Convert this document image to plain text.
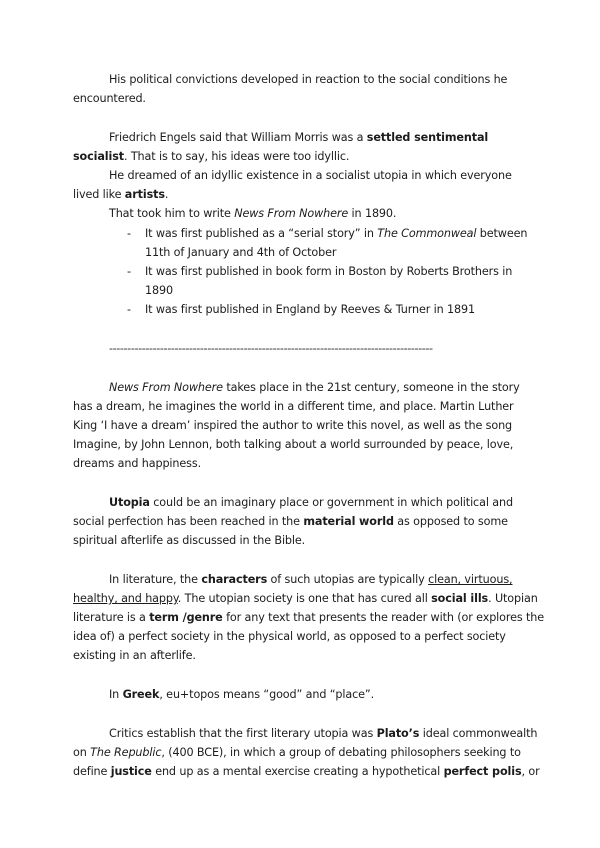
His political convictions developed in reaction to the social conditions he
encountered.
Friedrich Engels said that William Morris was a settled sentimental
socialist. That is to say, his ideas were too idyllic.
He dreamed of an idyllic existence in a socialist utopia in which everyone
lived like artists.
That took him to write News From Nowhere in 1890.
- It was first published as a “serial story” in The Commonweal between
11th of January and 4th of October
- It was first published in book form in Boston by Roberts Brothers in
1890
- It was first published in England by Reeves & Turner in 1891
-----------------------------------------------------------------------------------------
News From Nowhere takes place in the 21st century, someone in the story
has a dream, he imagines the world in a different time, and place. Martin Luther
King ‘I have a dream’ inspired the author to write this novel, as well as the song
Imagine, by John Lennon, both talking about a world surrounded by peace, love,
dreams and happiness.
Utopia could be an imaginary place or government in which political and
social perfection has been reached in the material world as opposed to some
spiritual afterlife as discussed in the Bible.
In literature, the characters of such utopias are typically clean, virtuous,
healthy, and happy. The utopian society is one that has cured all social ills. Utopian
literature is a term /genre for any text that presents the reader with (or explores the
idea of) a perfect society in the physical world, as opposed to a perfect society
existing in an afterlife.
In Greek, eu+topos means “good” and “place”.
Critics establish that the first literary utopia was Plato’s ideal commonwealth
on The Republic, (400 BCE), in which a group of debating philosophers seeking to
define justice end up as a mental exercise creating a hypothetical perfect polis, or
